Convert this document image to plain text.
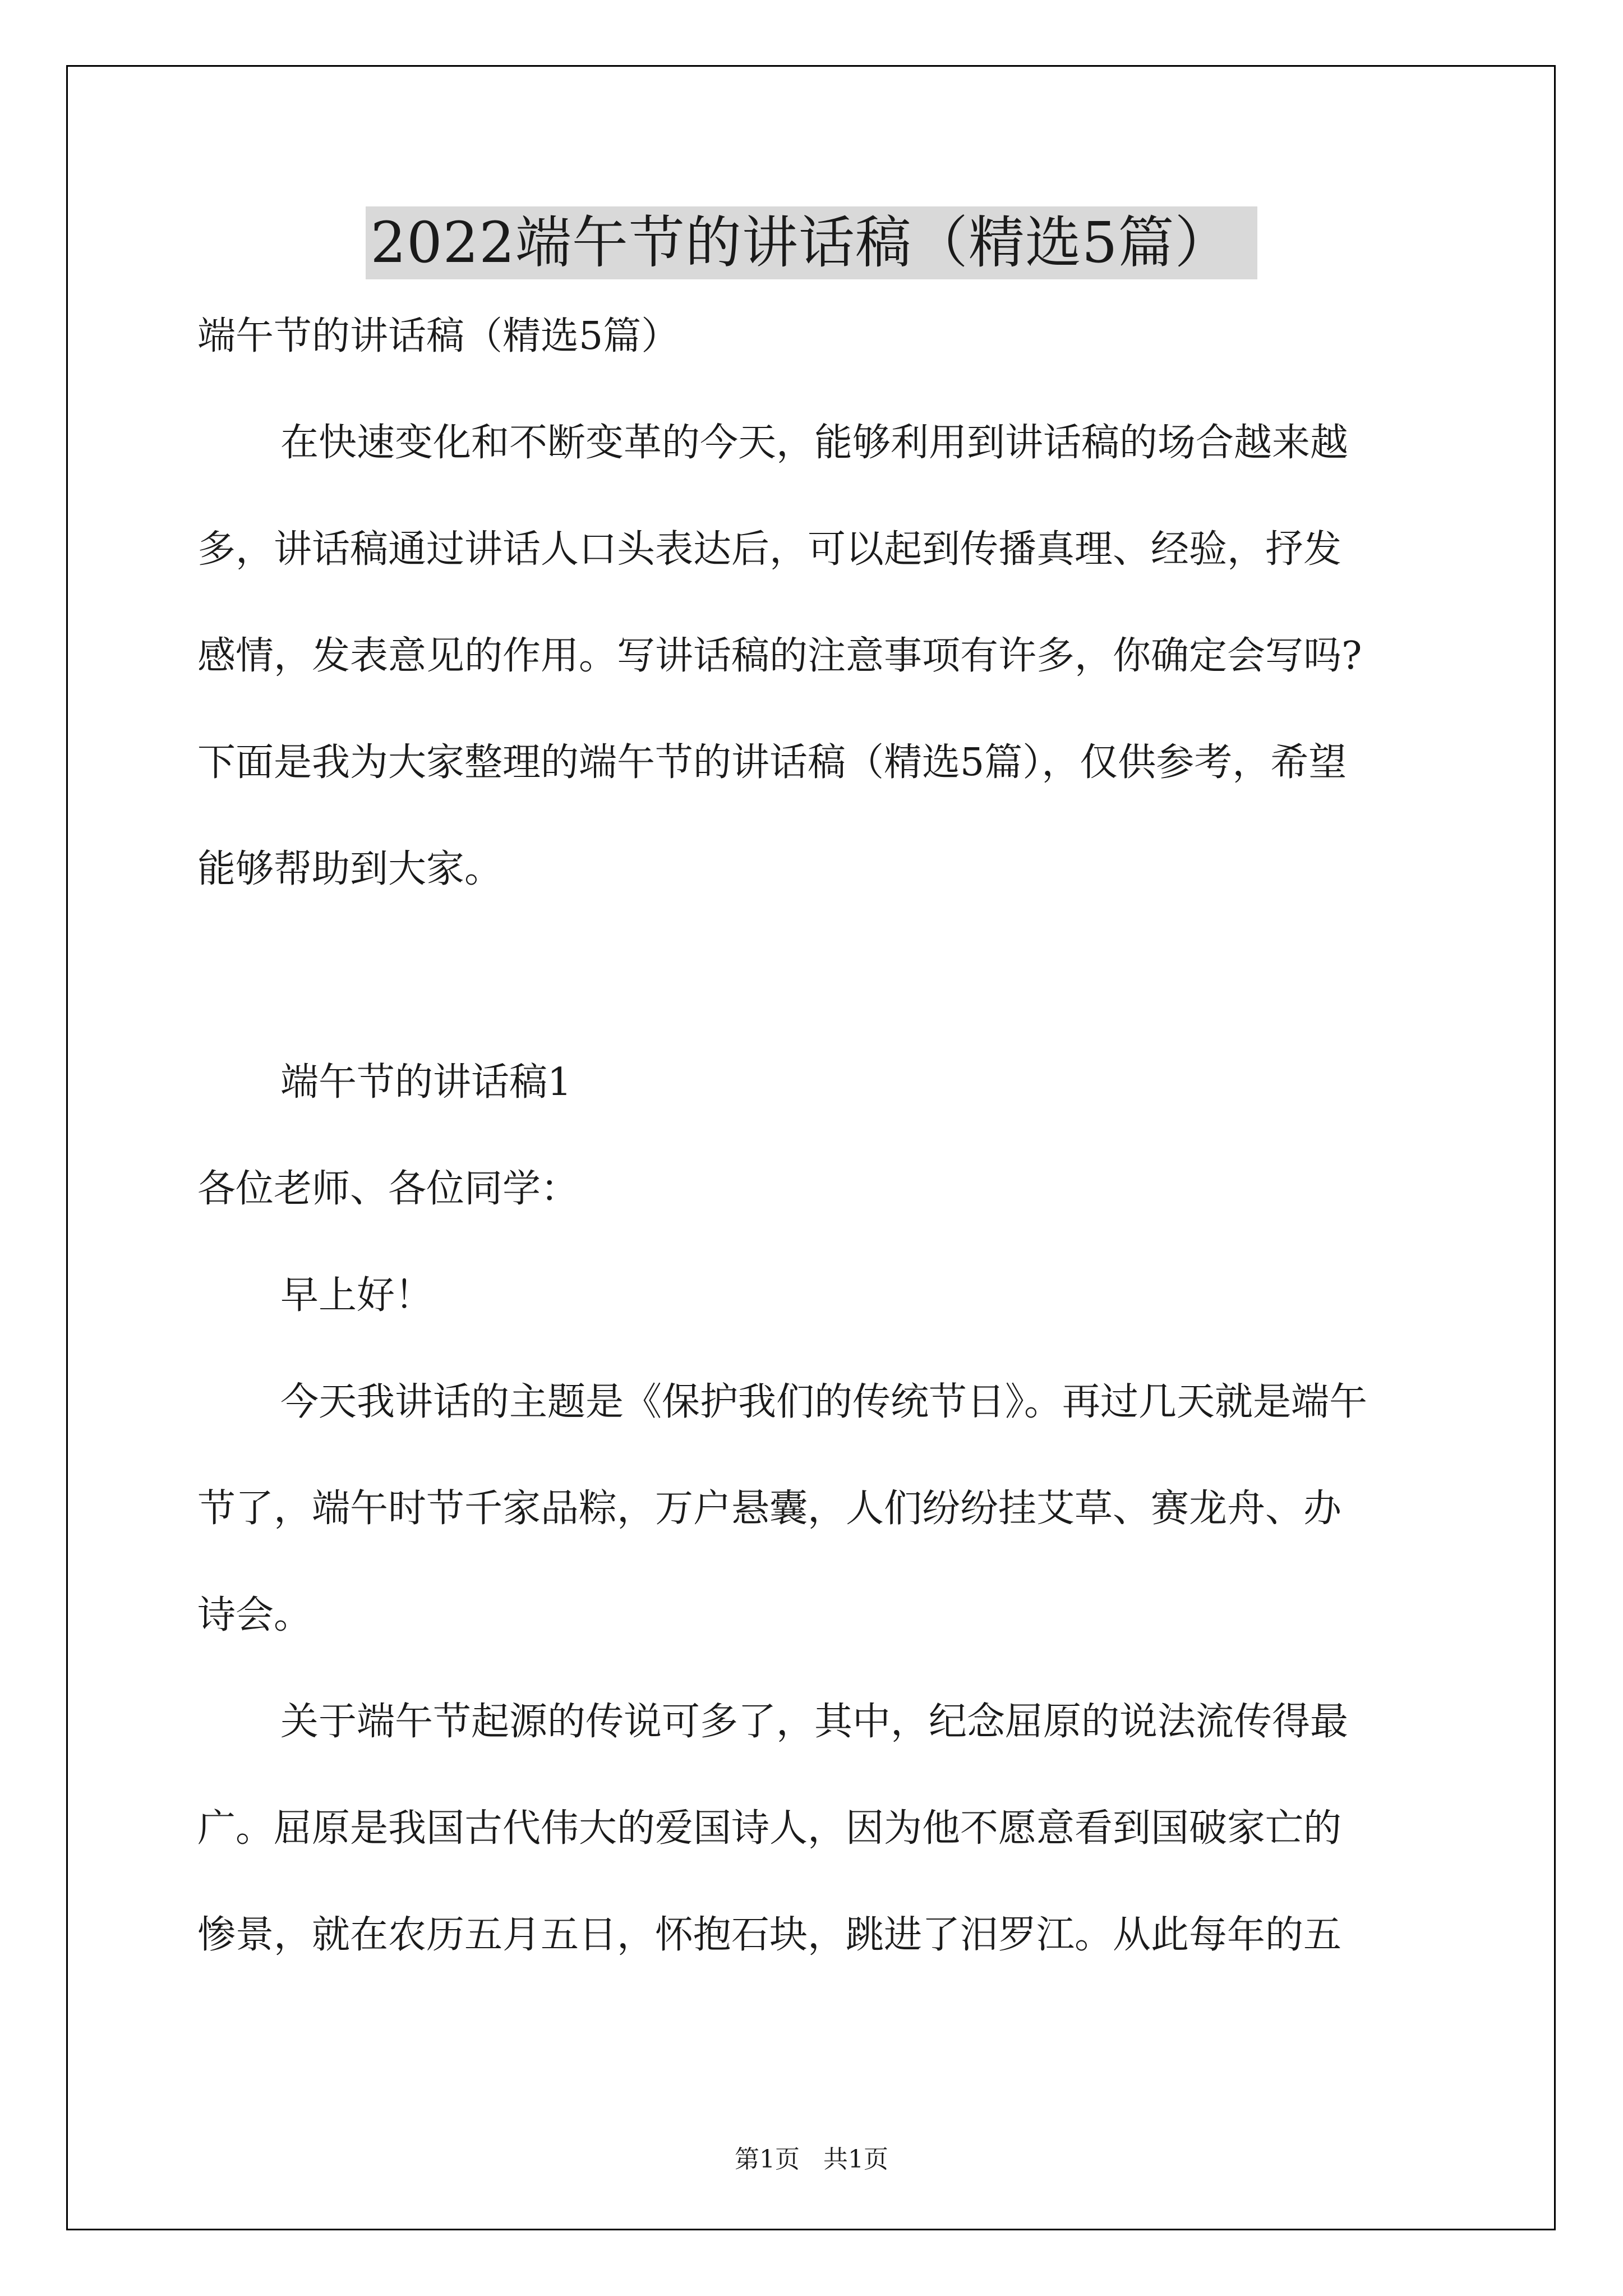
2022端午节的讲话稿（精选5篇）
端午节的讲话稿（精选5篇）
在快速变化和不断变革的今天，能够利用到讲话稿的场合越来越
多，讲话稿通过讲话人口头表达后，可以起到传播真理、经验，抒发
感情，发表意见的作用。写讲话稿的注意事项有许多，你确定会写吗?
下面是我为大家整理的端午节的讲话稿（精选5篇），仅供参考，希望
能够帮助到大家。
端午节的讲话稿1
各位老师、各位同学：
早上好！
今天我讲话的主题是《保护我们的传统节日》。再过几天就是端午
节了，端午时节千家品粽，万户悬囊，人们纷纷挂艾草、赛龙舟、办
诗会。
关于端午节起源的传说可多了，其中，纪念屈原的说法流传得最
广。屈原是我国古代伟大的爱国诗人，因为他不愿意看到国破家亡的
惨景，就在农历五月五日，怀抱石块，跳进了汨罗江。从此每年的五
第1页   共1页
